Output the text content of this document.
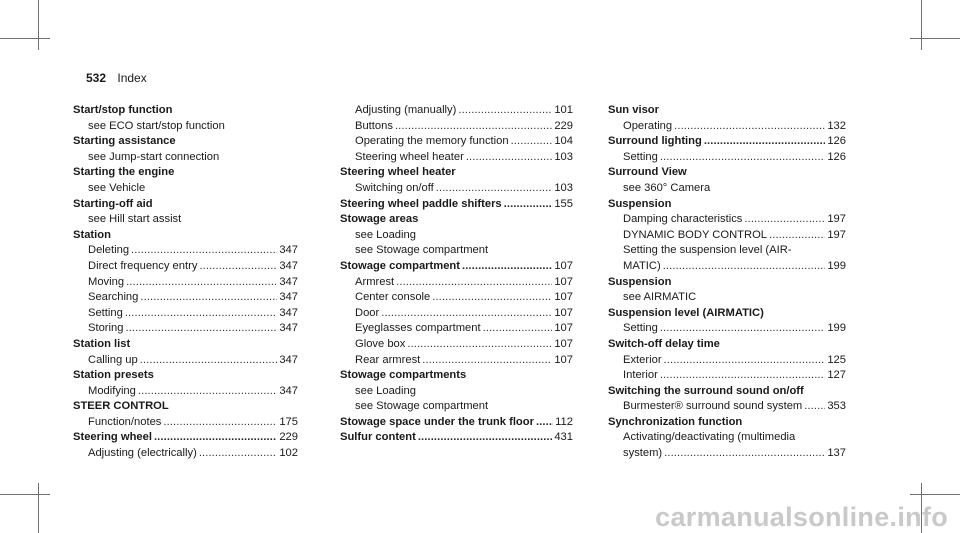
532 Index
Start/stop function
see ECO start/stop function
Starting assistance
see Jump-start connection
Starting the engine
see Vehicle
Starting-off aid
see Hill start assist
Station
Deleting . . .	347
Direct frequency entry . . .	347
Moving . . .	347
Searching . . .	347
Setting . . .	347
Storing . . .	347
Station list
Calling up . . .	347
Station presets
Modifying . . .	347
STEER CONTROL
Function/notes . . .	175
Steering wheel . . .	229
Adjusting (electrically) . . .	102
Adjusting (manually) . . .	101
Buttons . . .	229
Operating the memory function . . .	104
Steering wheel heater . . .	103
Steering wheel heater
Switching on/off . . .	103
Steering wheel paddle shifters . . .	155
Stowage areas
see Loading
see Stowage compartment
Stowage compartment . . .	107
Armrest . . .	107
Center console . . .	107
Door . . .	107
Eyeglasses compartment . . .	107
Glove box . . .	107
Rear armrest . . .	107
Stowage compartments
see Loading
see Stowage compartment
Stowage space under the trunk floor . . . 112
Sulfur content . . .	431
Sun visor
Operating . . .	132
Surround lighting . . .	126
Setting . . .	126
Surround View
see 360° Camera
Suspension
Damping characteristics . . .	197
DYNAMIC BODY CONTROL . . .	197
Setting the suspension level (AIR-
MATIC) . . .	199
Suspension
see AIRMATIC
Suspension level (AIRMATIC)
Setting . . .	199
Switch-off delay time
Exterior . . .	125
Interior . . .	127
Switching the surround sound on/off
Burmester® surround sound system . . . 353
Synchronization function
Activating/deactivating (multimedia
system) . . .	137
carmanualsonline.info
